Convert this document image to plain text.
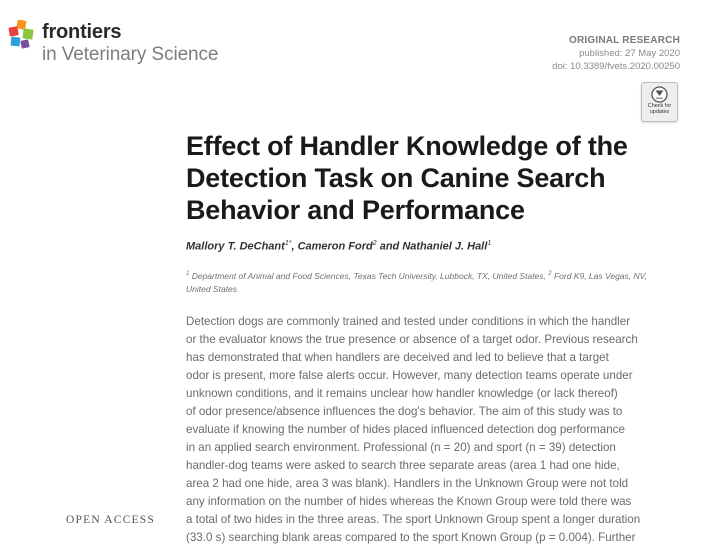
frontiers
in Veterinary Science
ORIGINAL RESEARCH
published: 27 May 2020
doi: 10.3389/fvets.2020.00250
Check for
updates
Effect of Handler Knowledge of the
Detection Task on Canine Search
Behavior and Performance
Mallory T. DeChant$^{1*}$, Cameron Ford$^2$ and Nathaniel J. Hall$^1$
$^1$ Department of Animal and Food Sciences, Texas Tech University, Lubbock, TX, United States, $^2$ Ford K9, Las Vegas, NV,
United States
Detection dogs are commonly trained and tested under conditions in which the handler
or the evaluator knows the true presence or absence of a target odor. Previous research
has demonstrated that when handlers are deceived and led to believe that a target
odor is present, more false alerts occur. However, many detection teams operate under
unknown conditions, and it remains unclear how handler knowledge (or lack thereof)
of odor presence/absence influences the dog's behavior. The aim of this study was to
evaluate if knowing the number of hides placed influenced detection dog performance
in an applied search environment. Professional (n = 20) and sport (n = 39) detection
handler-dog teams were asked to search three separate areas (area 1 had one hide,
area 2 had one hide, area 3 was blank). Handlers in the Unknown Group were not told
any information on the number of hides whereas the Known Group were told there was
a total of two hides in the three areas. The sport Unknown Group spent a longer duration
(33.0 s) searching blank areas compared to the sport Known Group (p = 0.004). Further
OPEN ACCESS
